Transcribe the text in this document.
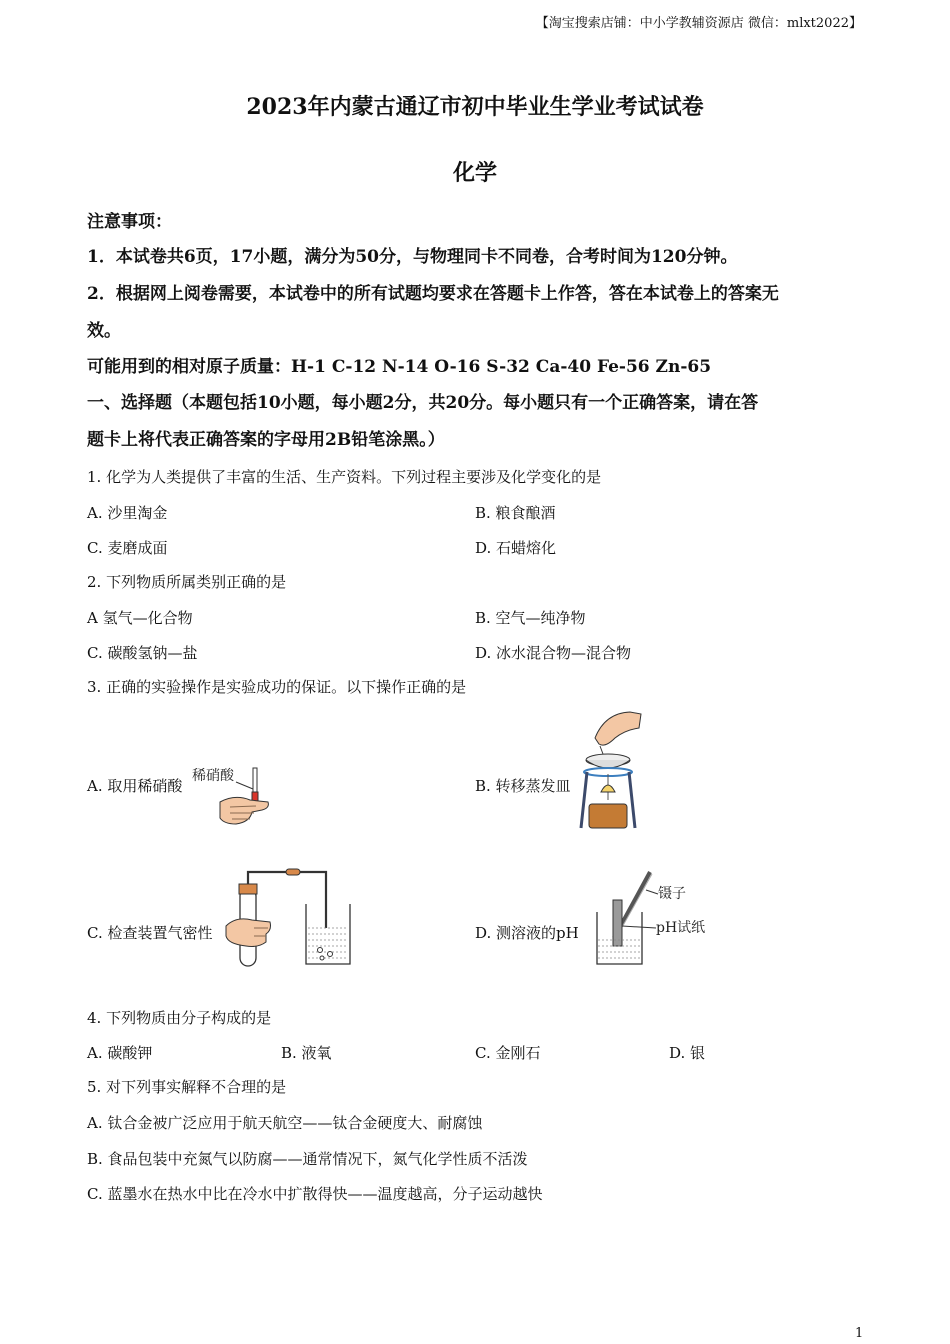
【淘宝搜索店铺：中小学教辅资源店 微信：mlxt2022】
2023年内蒙古通辽市初中毕业生学业考试试卷
化学
注意事项：
1．本试卷共6页，17小题，满分为50分，与物理同卡不同卷，合考时间为120分钟。
2．根据网上阅卷需要，本试卷中的所有试题均要求在答题卡上作答，答在本试卷上的答案无
效。
可能用到的相对原子质量：H-1 C-12 N-14 O-16 S-32 Ca-40 Fe-56 Zn-65
一、选择题（本题包括10小题，每小题2分，共20分。每小题只有一个正确答案，请在答
题卡上将代表正确答案的字母用2B铅笔涂黑。）
1. 化学为人类提供了丰富的生活、生产资料。下列过程主要涉及化学变化的是
A. 沙里淘金	B. 粮食酿酒
C. 麦磨成面	D. 石蜡熔化
2. 下列物质所属类别正确的是
A 氢气—化合物	B. 空气—纯净物
C. 碳酸氢钠—盐	D. 冰水混合物—混合物
3. 正确的实验操作是实验成功的保证。以下操作正确的是
A. 取用稀硝酸
稀硝酸
B. 转移蒸发皿
C. 检查装置气密性	D. 测溶液的pH
镊子
pH试纸
4. 下列物质由分子构成的是
A. 碳酸钾	B. 液氧	C. 金刚石	D. 银
5. 对下列事实解释不合理的是
A. 钛合金被广泛应用于航天航空——钛合金硬度大、耐腐蚀
B. 食品包装中充氮气以防腐——通常情况下，氮气化学性质不活泼
C. 蓝墨水在热水中比在冷水中扩散得快——温度越高，分子运动越快
1
